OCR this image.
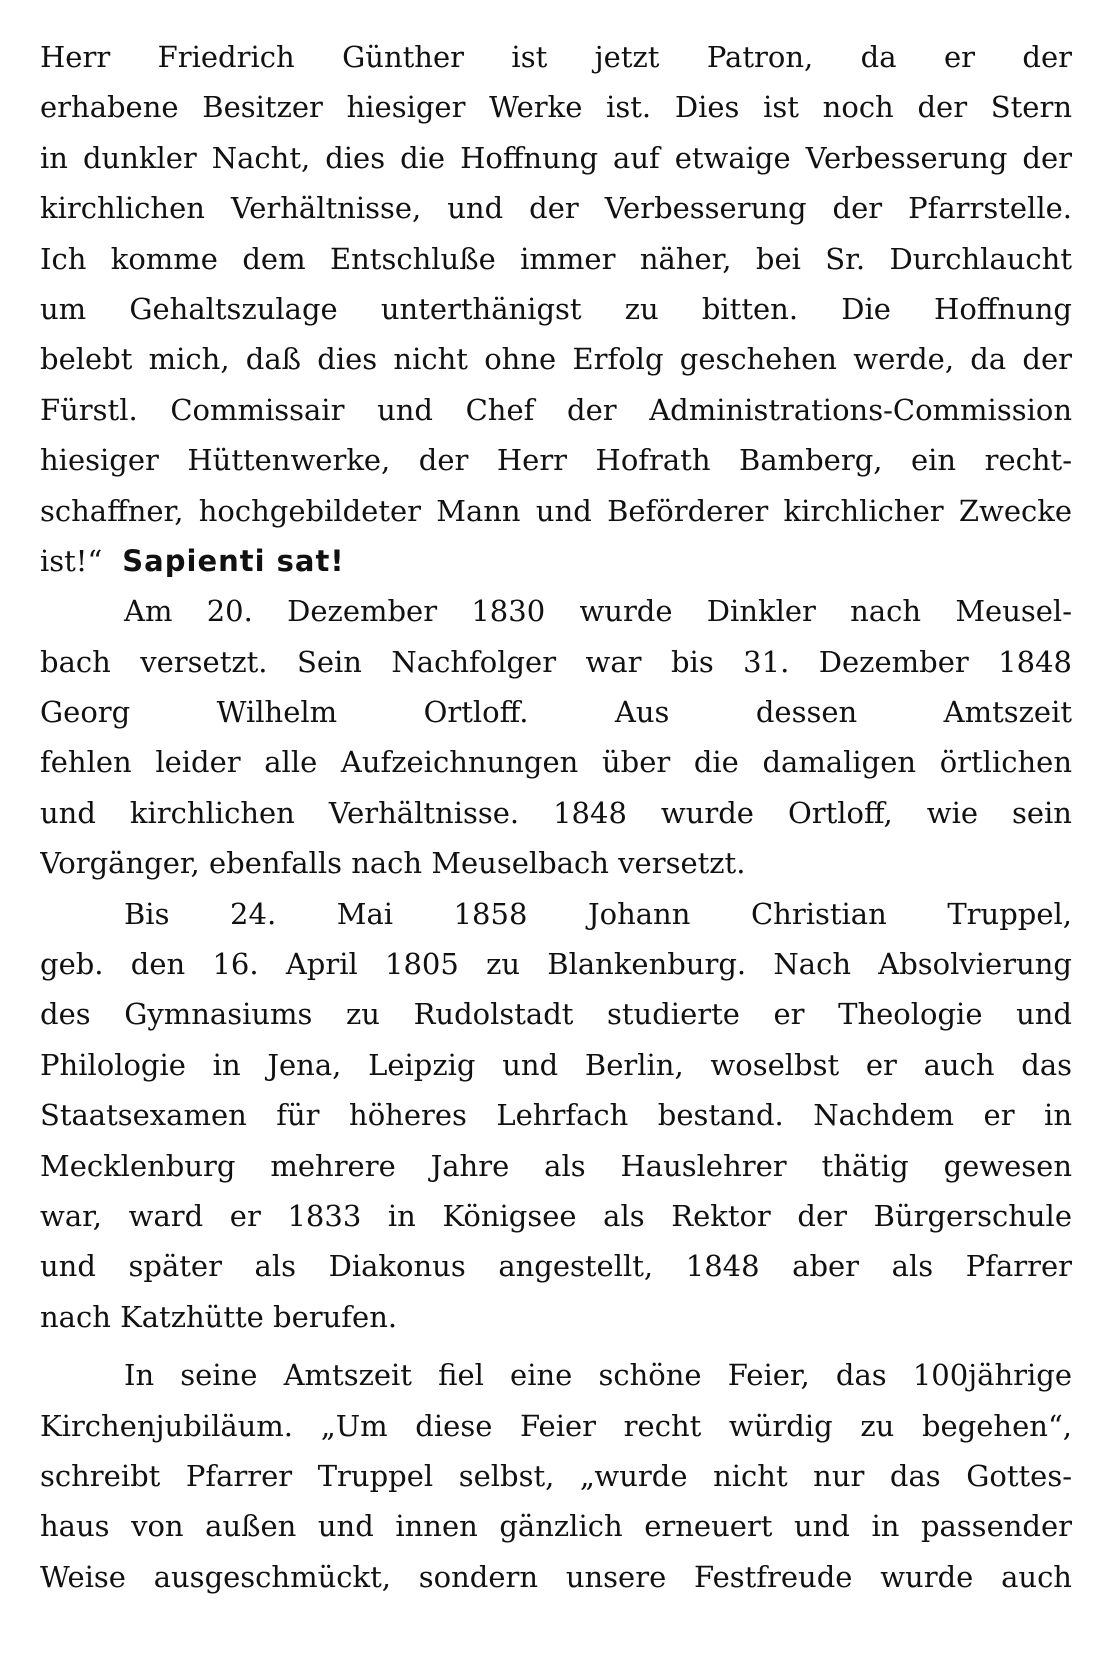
Herr Friedrich Günther ist jetzt Patron, da er der
erhabene Besitzer hiesiger Werke ist. Dies ist noch der Stern
in dunkler Nacht, dies die Hoffnung auf etwaige Verbesserung der
kirchlichen Verhältnisse, und der Verbesserung der Pfarrstelle.
Ich komme dem Entschluße immer näher, bei Sr. Durchlaucht
um Gehaltszulage unterthänigst zu bitten. Die Hoffnung
belebt mich, daß dies nicht ohne Erfolg geschehen werde, da der
Fürstl. Commissair und Chef der Administrations-Commission
hiesiger Hüttenwerke, der Herr Hofrath Bamberg, ein recht-
schaffner, hochgebildeter Mann und Beförderer kirchlicher Zwecke
ist!“ Sapienti sat!
Am 20. Dezember 1830 wurde Dinkler nach Meusel-
bach versetzt. Sein Nachfolger war bis 31. Dezember 1848
Georg Wilhelm Ortloff. Aus dessen Amtszeit
fehlen leider alle Aufzeichnungen über die damaligen örtlichen
und kirchlichen Verhältnisse. 1848 wurde Ortloff, wie sein
Vorgänger, ebenfalls nach Meuselbach versetzt.
Bis 24. Mai 1858 Johann Christian Truppel,
geb. den 16. April 1805 zu Blankenburg. Nach Absolvierung
des Gymnasiums zu Rudolstadt studierte er Theologie und
Philologie in Jena, Leipzig und Berlin, woselbst er auch das
Staatsexamen für höheres Lehrfach bestand. Nachdem er in
Mecklenburg mehrere Jahre als Hauslehrer thätig gewesen
war, ward er 1833 in Königsee als Rektor der Bürgerschule
und später als Diakonus angestellt, 1848 aber als Pfarrer
nach Katzhütte berufen.
In seine Amtszeit fiel eine schöne Feier, das 100jährige
Kirchenjubiläum. „Um diese Feier recht würdig zu begehen“,
schreibt Pfarrer Truppel selbst, „wurde nicht nur das Gottes-
haus von außen und innen gänzlich erneuert und in passender
Weise ausgeschmückt, sondern unsere Festfreude wurde auch
